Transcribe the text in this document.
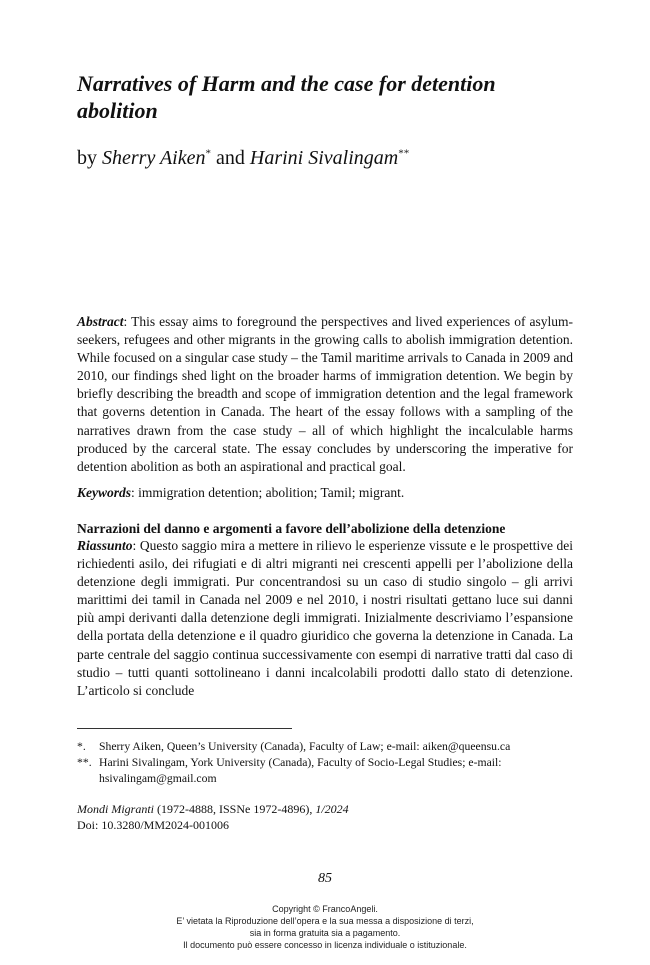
Narratives of Harm and the case for detention abolition
by Sherry Aiken* and Harini Sivalingam**

Abstract: This essay aims to foreground the perspectives and lived experiences of asylum-seekers, refugees and other migrants in the growing calls to abolish immigration detention. While focused on a singular case study – the Tamil maritime arrivals to Canada in 2009 and 2010, our findings shed light on the broader harms of immigration detention. We begin by briefly describing the breadth and scope of immigration detention and the legal framework that governs detention in Canada. The heart of the essay follows with a sampling of the narratives drawn from the case study – all of which highlight the incalculable harms produced by the carceral state. The essay concludes by underscoring the imperative for detention abolition as both an aspirational and practical goal.

Keywords: immigration detention; abolition; Tamil; migrant.

Narrazioni del danno e argomenti a favore dell’abolizione della detenzione

Riassunto: Questo saggio mira a mettere in rilievo le esperienze vissute e le prospettive dei richiedenti asilo, dei rifugiati e di altri migranti nei crescenti appelli per l’abolizione della detenzione degli immigrati. Pur concentrandosi su un caso di studio singolo – gli arrivi marittimi dei tamil in Canada nel 2009 e nel 2010, i nostri risultati gettano luce sui danni più ampi derivanti dalla detenzione degli immigrati. Inizialmente descriviamo l’espansione della portata della detenzione e il quadro giuridico che governa la detenzione in Canada. La parte centrale del saggio continua successivamente con esempi di narrative tratti dal caso di studio – tutti quanti sottolineano i danni incalcolabili prodotti dallo stato di detenzione. L’articolo si conclude

*. Sherry Aiken, Queen’s University (Canada), Faculty of Law; e-mail: aiken@queensu.ca

**. Harini Sivalingam, York University (Canada), Faculty of Socio-Legal Studies; e-mail:
hsivalingam@gmail.com

Mondi Migranti (1972-4888, ISSNe 1972-4896), 1/2024
Doi: 10.3280/MM2024-001006
85
Copyright © FrancoAngeli.
E’ vietata la Riproduzione dell’opera e la sua messa a disposizione di terzi,
sia in forma gratuita sia a pagamento.
Il documento può essere concesso in licenza individuale o istituzionale.
